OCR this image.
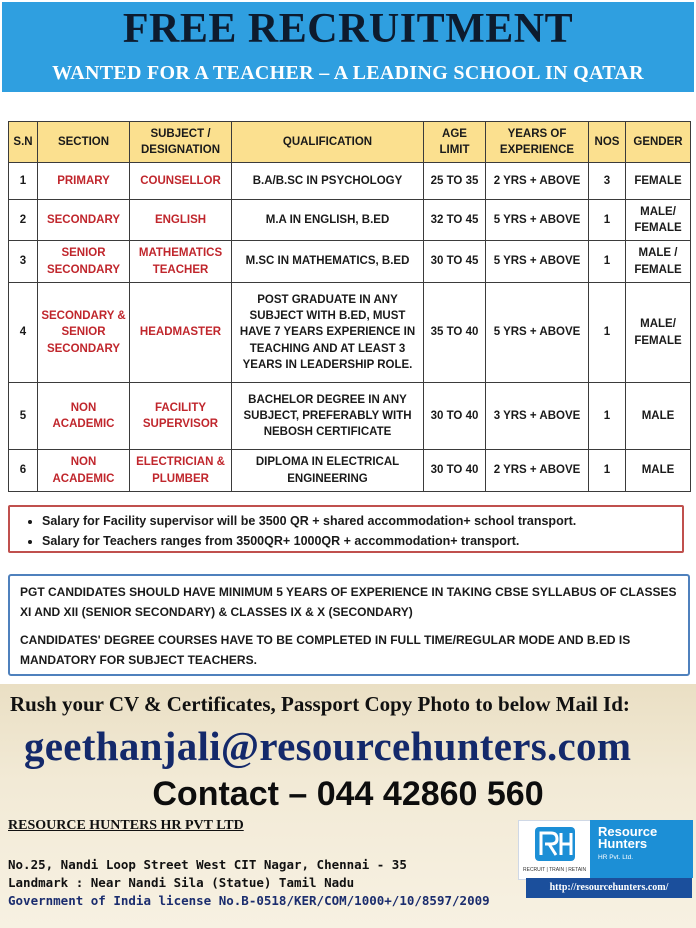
FREE RECRUITMENT
WANTED FOR A TEACHER – A LEADING SCHOOL IN QATAR
S.N	SECTION	SUBJECT / DESIGNATION	QUALIFICATION	AGE LIMIT	YEARS OF EXPERIENCE	NOS	GENDER
1	PRIMARY	COUNSELLOR	B.A/B.SC IN PSYCHOLOGY	25 TO 35	2 YRS + ABOVE	3	FEMALE
2	SECONDARY	ENGLISH	M.A IN ENGLISH, B.ED	32 TO 45	5 YRS + ABOVE	1	MALE/ FEMALE
3	SENIOR SECONDARY	MATHEMATICS TEACHER	M.SC IN MATHEMATICS, B.ED	30 TO 45	5 YRS + ABOVE	1	MALE / FEMALE
4	SECONDARY & SENIOR SECONDARY	HEADMASTER	POST GRADUATE IN ANY SUBJECT WITH B.ED, MUST HAVE 7 YEARS EXPERIENCE IN TEACHING AND AT LEAST 3 YEARS IN LEADERSHIP ROLE.	35 TO 40	5 YRS + ABOVE	1	MALE/ FEMALE
5	NON ACADEMIC	FACILITY SUPERVISOR	BACHELOR DEGREE IN ANY SUBJECT, PREFERABLY WITH NEBOSH CERTIFICATE	30 TO 40	3 YRS + ABOVE	1	MALE
6	NON ACADEMIC	ELECTRICIAN & PLUMBER	DIPLOMA IN ELECTRICAL ENGINEERING	30 TO 40	2 YRS + ABOVE	1	MALE
• Salary for Facility supervisor will be 3500 QR + shared accommodation+ school transport.
• Salary for Teachers ranges from 3500QR+ 1000QR + accommodation+ transport.

PGT CANDIDATES SHOULD HAVE MINIMUM 5 YEARS OF EXPERIENCE IN TAKING CBSE SYLLABUS OF CLASSES XI AND XII (SENIOR SECONDARY) & CLASSES IX & X (SECONDARY)

CANDIDATES' DEGREE COURSES HAVE TO BE COMPLETED IN FULL TIME/REGULAR MODE AND B.ED IS MANDATORY FOR SUBJECT TEACHERS.

Rush your CV & Certificates, Passport Copy Photo to below Mail Id:
geethanjali@resourcehunters.com
Contact – 044 42860 560
RESOURCE HUNTERS HR PVT LTD
No.25, Nandi Loop Street West CIT Nagar, Chennai - 35
Landmark : Near Nandi Sila (Statue) Tamil Nadu
RECRUIT | TRAIN | RETAIN
Resource Hunters
HR Pvt. Ltd.
http://resourcehunters.com/
Government of India license No.B-0518/KER/COM/1000+/10/8597/2009
